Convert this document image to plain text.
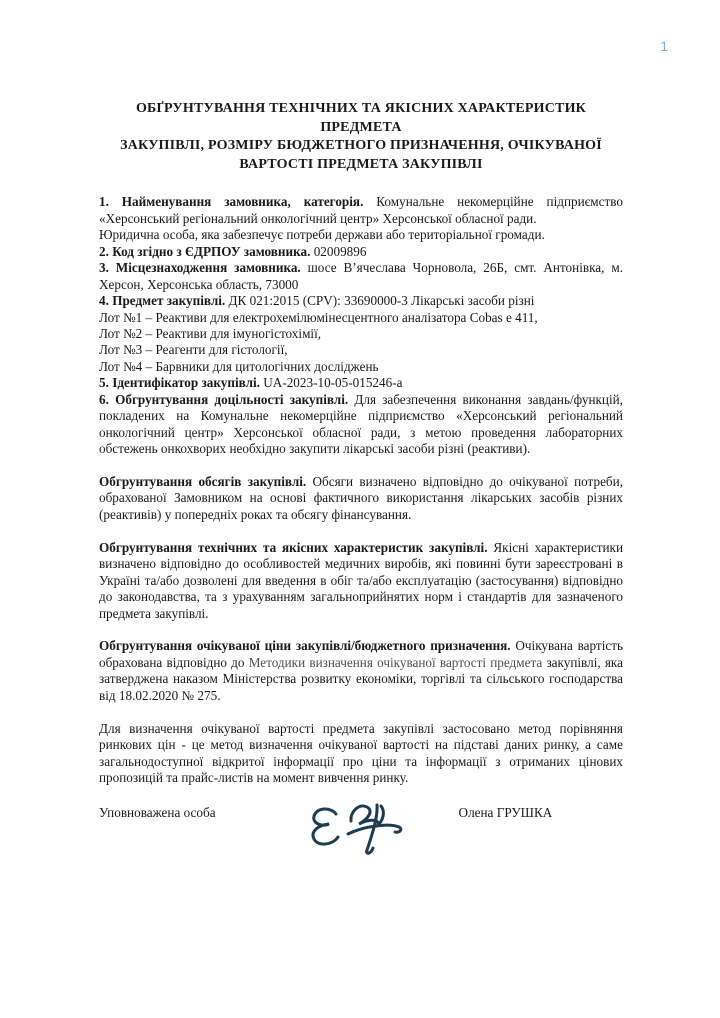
1
ОБҐРУНТУВАННЯ ТЕХНІЧНИХ ТА ЯКІСНИХ ХАРАКТЕРИСТИК ПРЕДМЕТА
ЗАКУПІВЛІ, РОЗМІРУ БЮДЖЕТНОГО ПРИЗНАЧЕННЯ, ОЧІКУВАНОЇ
ВАРТОСТІ ПРЕДМЕТА ЗАКУПІВЛІ

1. Найменування замовника, категорія. Комунальне некомерційне підприємство «Херсонський регіональний онкологічний центр» Херсонської обласної ради.

Юридична особа, яка забезпечує потреби держави або територіальної громади.

2. Код згідно з ЄДРПОУ замовника. 02009896

3. Місцезнаходження замовника. шосе В’ячеслава Чорновола, 26Б, смт. Антонівка, м. Херсон, Херсонська область, 73000

4. Предмет закупівлі. ДК 021:2015 (CPV): 33690000-3 Лікарські засоби різні

Лот №1 – Реактиви для електрохемілюмінесцентного аналізатора Cobas e 411,

Лот №2 – Реактиви для імуногістохімії,

Лот №3 – Реагенти для гістології,

Лот №4 – Барвники для цитологічних досліджень

5. Ідентифікатор закупівлі. UA-2023-10-05-015246-a

6. Обгрунтування доцільності закупівлі. Для забезпечення виконання завдань/функцій, покладених на Комунальне некомерційне підприємство «Херсонський регіональний онкологічний центр» Херсонської обласної ради, з метою проведення лабораторних обстежень онкохворих необхідно закупити лікарські засоби різні (реактиви).

Обгрунтування обсягів закупівлі. Обсяги визначено відповідно до очікуваної потреби, обрахованої Замовником на основі фактичного використання лікарських засобів різних (реактивів) у попередніх роках та обсягу фінансування.

Обгрунтування технічних та якісних характеристик закупівлі. Якісні характеристики визначено відповідно до особливостей медичних виробів, які повинні бути зареєстровані в Україні та/або дозволені для введення в обіг та/або експлуатацію (застосування) відповідно до законодавства, та з урахуванням загальноприйнятих норм і стандартів для зазначеного предмета закупівлі.

Обгрунтування очікуваної ціни закупівлі/бюджетного призначення. Очікувана вартість обрахована відповідно до Методики визначення очікуваної вартості предмета закупівлі, яка затверджена наказом Міністерства розвитку економіки, торгівлі та сільського господарства від 18.02.2020 № 275.

Для визначення очікуваної вартості предмета закупівлі застосовано метод порівняння ринкових цін - це метод визначення очікуваної вартості на підставі даних ринку, а саме загальнодоступної відкритої інформації про ціни та інформації з отриманих цінових пропозицій та прайс-листів на момент вивчення ринку.

Уповноважена особа	Олена ГРУШКА
